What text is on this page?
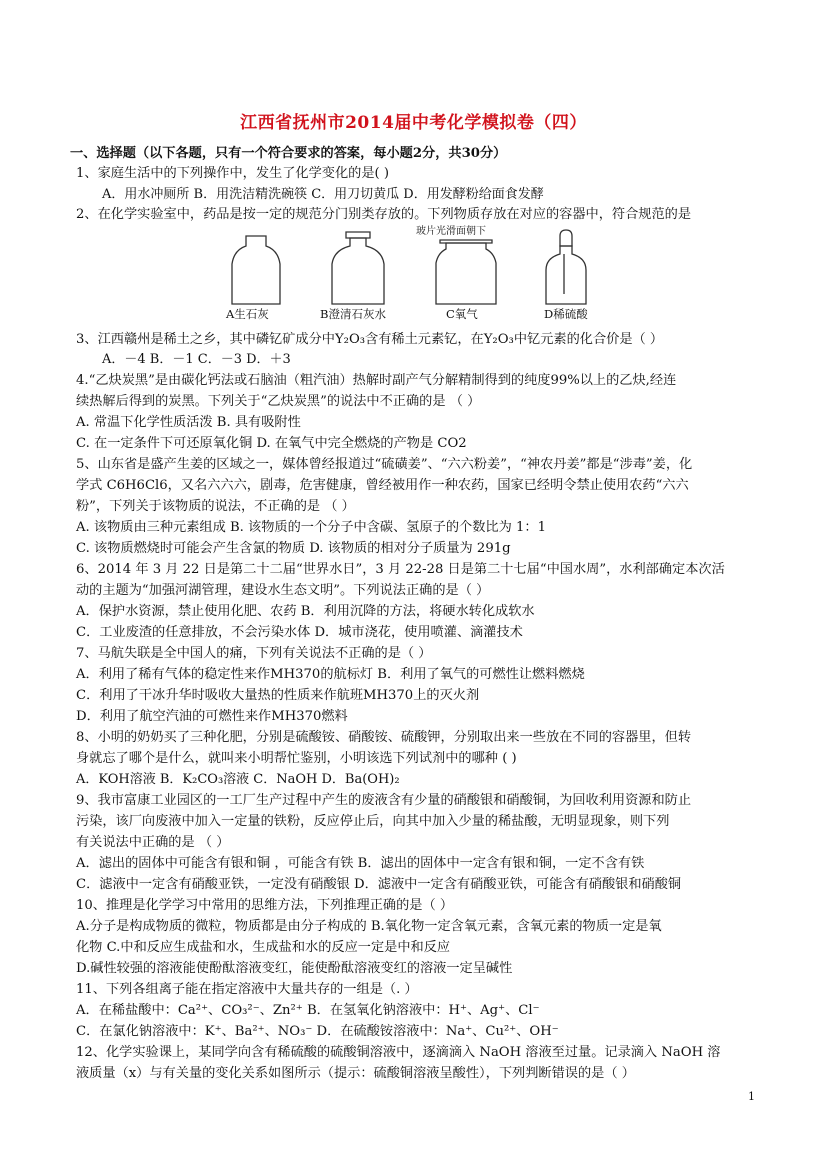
江西省抚州市2014届中考化学模拟卷（四）
一、选择题（以下各题，只有一个符合要求的答案，每小题2分，共30分）
1、家庭生活中的下列操作中，发生了化学变化的是( )
A．用水冲厕所 B．用洗洁精洗碗筷 C．用刀切黄瓜 D．用发酵粉给面食发酵
2、在化学实验室中，药品是按一定的规范分门别类存放的。下列物质存放在对应的容器中，符合规范的是
玻片光滑面朝下
A生石灰	B澄清石灰水	C氧气	D稀硫酸
3、江西赣州是稀土之乡，其中磷钇矿成分中Y₂O₃含有稀土元素钇，在Y₂O₃中钇元素的化合价是（ ）
A．－4 B．－1 C．－3 D．＋3
4.“乙炔炭黑”是由碳化钙法或石脑油（粗汽油）热解时副产气分解精制得到的纯度99%以上的乙炔,经连
续热解后得到的炭黑。下列关于“乙炔炭黑”的说法中不正确的是 （ ）
A. 常温下化学性质活泼 B. 具有吸附性
C. 在一定条件下可还原氧化铜 D. 在氧气中完全燃烧的产物是 CO2
5、山东省是盛产生姜的区域之一，媒体曾经报道过“硫磺姜”、“六六粉姜”，“神农丹姜”都是“涉毒”姜，化
学式 C6H6Cl6，又名六六六，剧毒，危害健康，曾经被用作一种农药，国家已经明令禁止使用农药“六六
粉”，下列关于该物质的说法，不正确的是 （ ）
A. 该物质由三种元素组成 B. 该物质的一个分子中含碳、氢原子的个数比为 1：1
C. 该物质燃烧时可能会产生含氯的物质 D. 该物质的相对分子质量为 291g
6、2014 年 3 月 22 日是第二十二届“世界水日”，3 月 22-28 日是第二十七届“中国水周”，水利部确定本次活
动的主题为“加强河湖管理，建设水生态文明”。下列说法正确的是（ ）
A．保护水资源，禁止使用化肥、农药 B．利用沉降的方法，将硬水转化成软水
C．工业废渣的任意排放，不会污染水体 D．城市浇花，使用喷灌、滴灌技术
7、马航失联是全中国人的痛，下列有关说法不正确的是（ ）
A．利用了稀有气体的稳定性来作MH370的航标灯 B．利用了氧气的可燃性让燃料燃烧
C．利用了干冰升华时吸收大量热的性质来作航班MH370上的灭火剂
D．利用了航空汽油的可燃性来作MH370燃料
8、小明的奶奶买了三种化肥，分别是硫酸铵、硝酸铵、硫酸钾，分别取出来一些放在不同的容器里，但转
身就忘了哪个是什么，就叫来小明帮忙鉴别，小明该选下列试剂中的哪种 ( )
A．KOH溶液 B．K₂CO₃溶液 C．NaOH D．Ba(OH)₂
9、我市富康工业园区的一工厂生产过程中产生的废液含有少量的硝酸银和硝酸铜，为回收利用资源和防止
污染，该厂向废液中加入一定量的铁粉，反应停止后，向其中加入少量的稀盐酸，无明显现象，则下列
有关说法中正确的是 （ ）
A．滤出的固体中可能含有银和铜 ，可能含有铁 B．滤出的固体中一定含有银和铜，一定不含有铁
C．滤液中一定含有硝酸亚铁，一定没有硝酸银 D．滤液中一定含有硝酸亚铁，可能含有硝酸银和硝酸铜
10、推理是化学学习中常用的思维方法，下列推理正确的是（ ）
A.分子是构成物质的微粒，物质都是由分子构成的 B.氧化物一定含氧元素，含氧元素的物质一定是氧
化物 C.中和反应生成盐和水，生成盐和水的反应一定是中和反应
D.碱性较强的溶液能使酚酞溶液变红，能使酚酞溶液变红的溶液一定呈碱性
11、下列各组离子能在指定溶液中大量共存的一组是（. ）
A．在稀盐酸中：Ca²⁺、CO₃²⁻、Zn²⁺ B．在氢氧化钠溶液中：H⁺、Ag⁺、Cl⁻
C．在氯化钠溶液中：K⁺、Ba²⁺、NO₃⁻ D．在硫酸铵溶液中：Na⁺、Cu²⁺、OH⁻
12、化学实验课上，某同学向含有稀硫酸的硫酸铜溶液中，逐滴滴入 NaOH 溶液至过量。记录滴入 NaOH 溶
液质量（x）与有关量的变化关系如图所示（提示：硫酸铜溶液呈酸性），下列判断错误的是（ ）
1
